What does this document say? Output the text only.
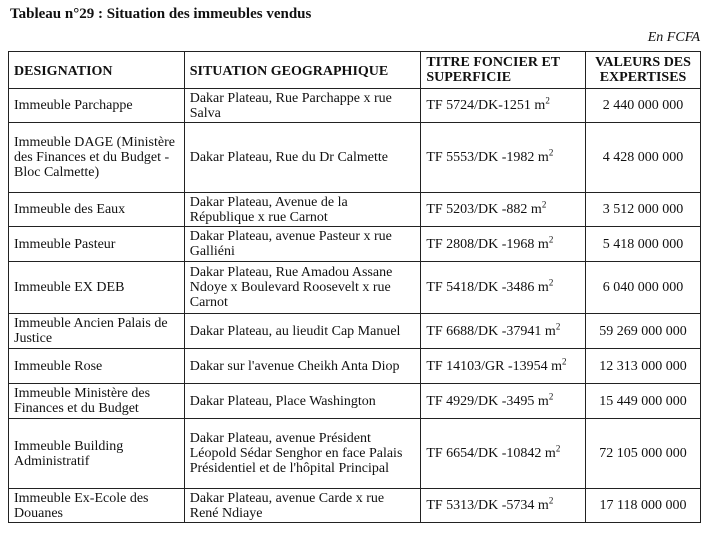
Tableau n°29 : Situation des immeubles vendus
En FCFA
DESIGNATION	SITUATION GEOGRAPHIQUE	TITRE FONCIER ET SUPERFICIE	VALEURS DES EXPERTISES
Immeuble Parchappe	Dakar Plateau, Rue Parchappe x rue Salva	TF 5724/DK-1251 $m^2$	2 440 000 000
Immeuble DAGE (Ministère des Finances et du Budget - Bloc Calmette)	Dakar Plateau, Rue du Dr Calmette	TF 5553/DK -1982 $m^2$	4 428 000 000
Immeuble des Eaux	Dakar Plateau, Avenue de la République x rue Carnot	TF 5203/DK -882 $m^2$	3 512 000 000
Immeuble Pasteur	Dakar Plateau, avenue Pasteur x rue Galliéni	TF 2808/DK -1968 $m^2$	5 418 000 000
Immeuble EX DEB	Dakar Plateau, Rue Amadou Assane Ndoye x Boulevard Roosevelt x rue Carnot	TF 5418/DK -3486 $m^2$	6 040 000 000
Immeuble Ancien Palais de Justice	Dakar Plateau, au lieudit Cap Manuel	TF 6688/DK -37941 $m^2$	59 269 000 000
Immeuble Rose	Dakar sur l'avenue Cheikh Anta Diop	TF 14103/GR -13954 $m^2$	12 313 000 000
Immeuble Ministère des Finances et du Budget	Dakar Plateau, Place Washington	TF 4929/DK -3495 $m^2$	15 449 000 000
Immeuble Building Administratif	Dakar Plateau, avenue Président Léopold Sédar Senghor en face Palais Présidentiel et de l'hôpital Principal	TF 6654/DK -10842 $m^2$	72 105 000 000
Immeuble Ex-Ecole des Douanes	Dakar Plateau, avenue Carde x rue René Ndiaye	TF 5313/DK -5734 $m^2$	17 118 000 000
